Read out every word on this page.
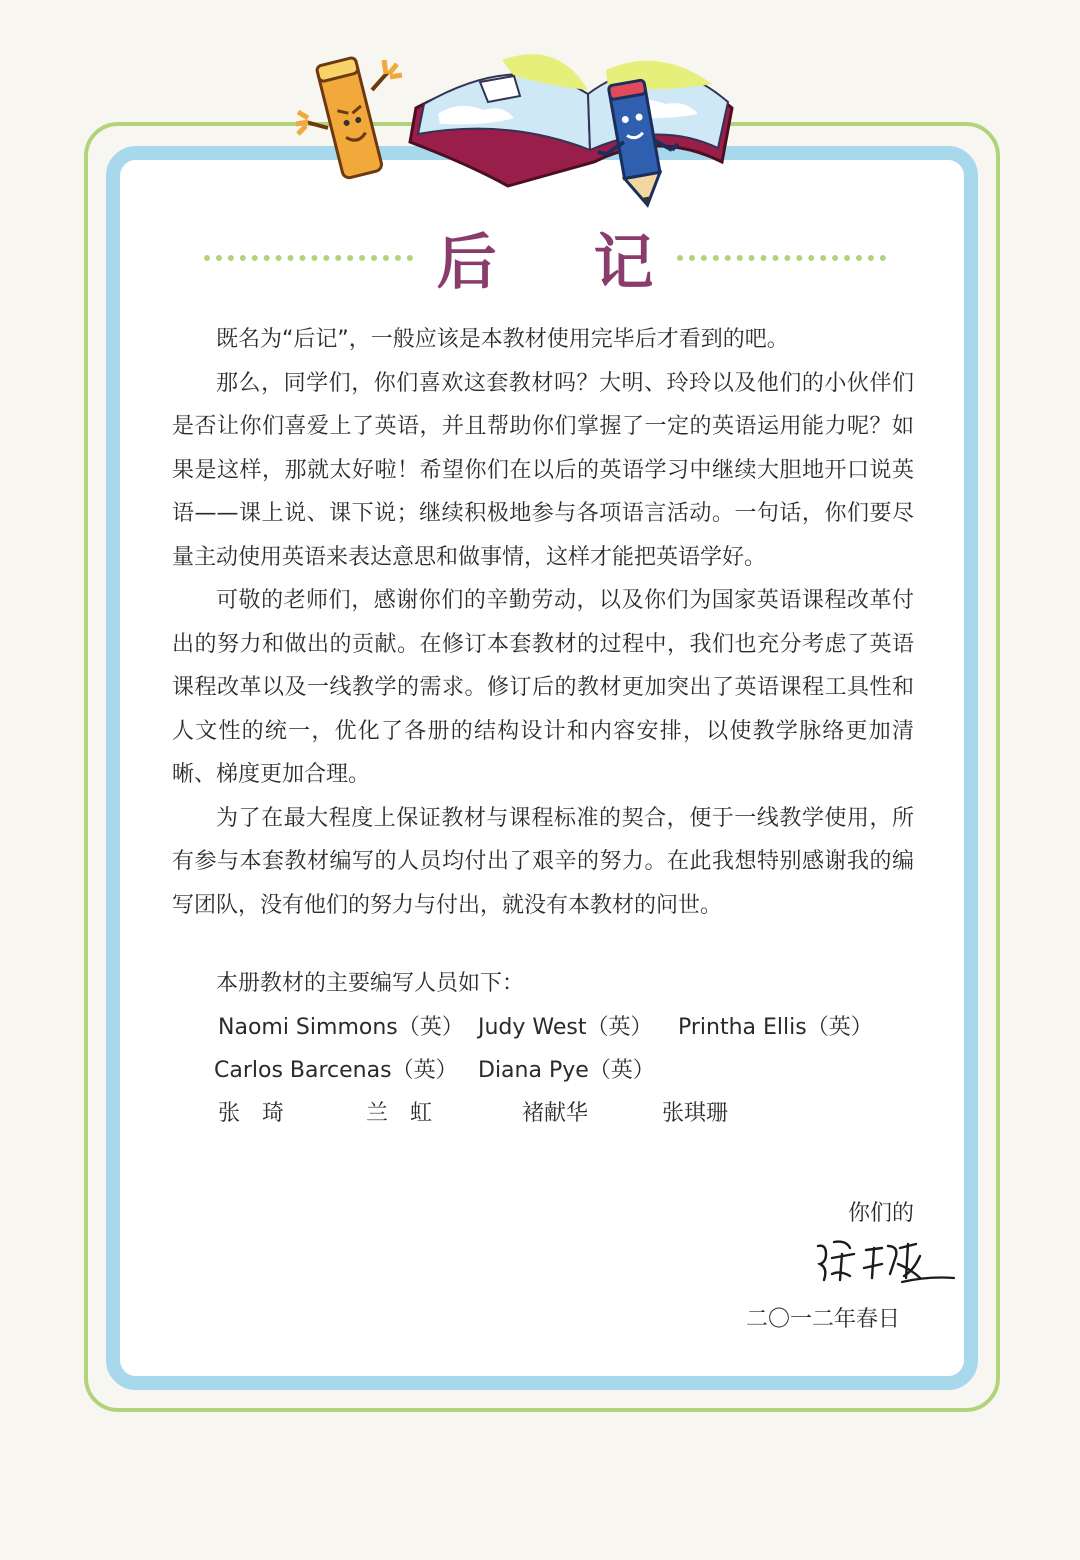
后 记

既名为“后记”，一般应该是本教材使用完毕后才看到的吧。

那么，同学们，你们喜欢这套教材吗？大明、玲玲以及他们的小伙伴们是否让你们喜爱上了英语，并且帮助你们掌握了一定的英语运用能力呢？如果是这样，那就太好啦！希望你们在以后的英语学习中继续大胆地开口说英语——课上说、课下说；继续积极地参与各项语言活动。一句话，你们要尽量主动使用英语来表达意思和做事情，这样才能把英语学好。

可敬的老师们，感谢你们的辛勤劳动，以及你们为国家英语课程改革付出的努力和做出的贡献。在修订本套教材的过程中，我们也充分考虑了英语课程改革以及一线教学的需求。修订后的教材更加突出了英语课程工具性和人文性的统一，优化了各册的结构设计和内容安排，以使教学脉络更加清晰、梯度更加合理。

为了在最大程度上保证教材与课程标准的契合，便于一线教学使用，所有参与本套教材编写的人员均付出了艰辛的努力。在此我想特别感谢我的编写团队，没有他们的努力与付出，就没有本教材的问世。

本册教材的主要编写人员如下：
Naomi Simmons（英） Judy West（英） Printha Ellis（英）
Carlos Barcenas（英） Diana Pye（英）
张　琦	兰　虹	褚献华	张琪珊
你们的
二〇一二年春日
